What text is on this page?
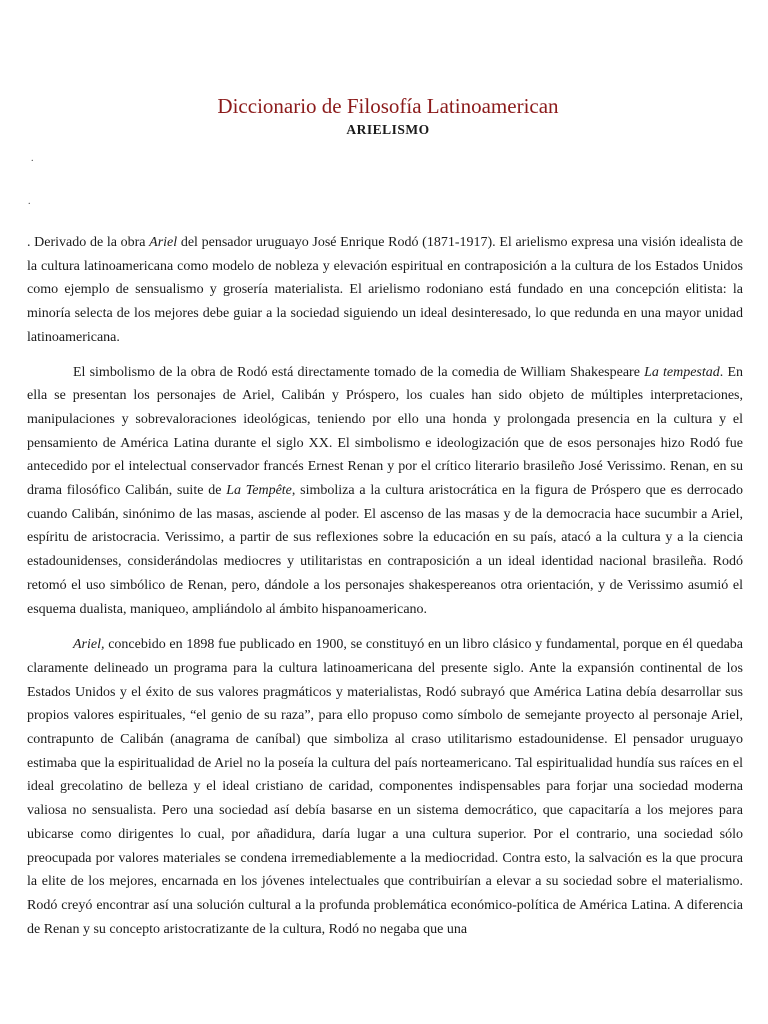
Diccionario de Filosofía Latinoamerican
ARIELISMO
.
.

. Derivado de la obra Ariel del pensador uruguayo José Enrique Rodó (1871-1917). El arielismo expresa una visión idealista de la cultura latinoamericana como modelo de nobleza y elevación espiritual en contraposición a la cultura de los Estados Unidos como ejemplo de sensualismo y grosería materialista. El arielismo rodoniano está fundado en una concepción elitista: la minoría selecta de los mejores debe guiar a la sociedad siguiendo un ideal desinteresado, lo que redunda en una mayor unidad latinoamericana.

El simbolismo de la obra de Rodó está directamente tomado de la comedia de William Shakespeare La tempestad. En ella se presentan los personajes de Ariel, Calibán y Próspero, los cuales han sido objeto de múltiples interpretaciones, manipulaciones y sobrevaloraciones ideológicas, teniendo por ello una honda y prolongada presencia en la cultura y el pensamiento de América Latina durante el siglo XX. El simbolismo e ideologización que de esos personajes hizo Rodó fue antecedido por el intelectual conservador francés Ernest Renan y por el crítico literario brasileño José Verissimo. Renan, en su drama filosófico Calibán, suite de La Tempête, simboliza a la cultura aristocrática en la figura de Próspero que es derrocado cuando Calibán, sinónimo de las masas, asciende al poder. El ascenso de las masas y de la democracia hace sucumbir a Ariel, espíritu de aristocracia. Verissimo, a partir de sus reflexiones sobre la educación en su país, atacó a la cultura y a la ciencia estadounidenses, considerándolas mediocres y utilitaristas en contraposición a un ideal identidad nacional brasileña. Rodó retomó el uso simbólico de Renan, pero, dándole a los personajes shakespereanos otra orientación, y de Verissimo asumió el esquema dualista, maniqueo, ampliándolo al ámbito hispanoamericano.

Ariel, concebido en 1898 fue publicado en 1900, se constituyó en un libro clásico y fundamental, porque en él quedaba claramente delineado un programa para la cultura latinoamericana del presente siglo. Ante la expansión continental de los Estados Unidos y el éxito de sus valores pragmáticos y materialistas, Rodó subrayó que América Latina debía desarrollar sus propios valores espirituales, “el genio de su raza”, para ello propuso como símbolo de semejante proyecto al personaje Ariel, contrapunto de Calibán (anagrama de caníbal) que simboliza al craso utilitarismo estadounidense. El pensador uruguayo estimaba que la espiritualidad de Ariel no la poseía la cultura del país norteamericano. Tal espiritualidad hundía sus raíces en el ideal grecolatino de belleza y el ideal cristiano de caridad, componentes indispensables para forjar una sociedad moderna valiosa no sensualista. Pero una sociedad así debía basarse en un sistema democrático, que capacitaría a los mejores para ubicarse como dirigentes lo cual, por añadidura, daría lugar a una cultura superior. Por el contrario, una sociedad sólo preocupada por valores materiales se condena irremediablemente a la mediocridad. Contra esto, la salvación es la que procura la elite de los mejores, encarnada en los jóvenes intelectuales que contribuirían a elevar a su sociedad sobre el materialismo. Rodó creyó encontrar así una solución cultural a la profunda problemática económico-política de América Latina. A diferencia de Renan y su concepto aristocratizante de la cultura, Rodó no negaba que una
